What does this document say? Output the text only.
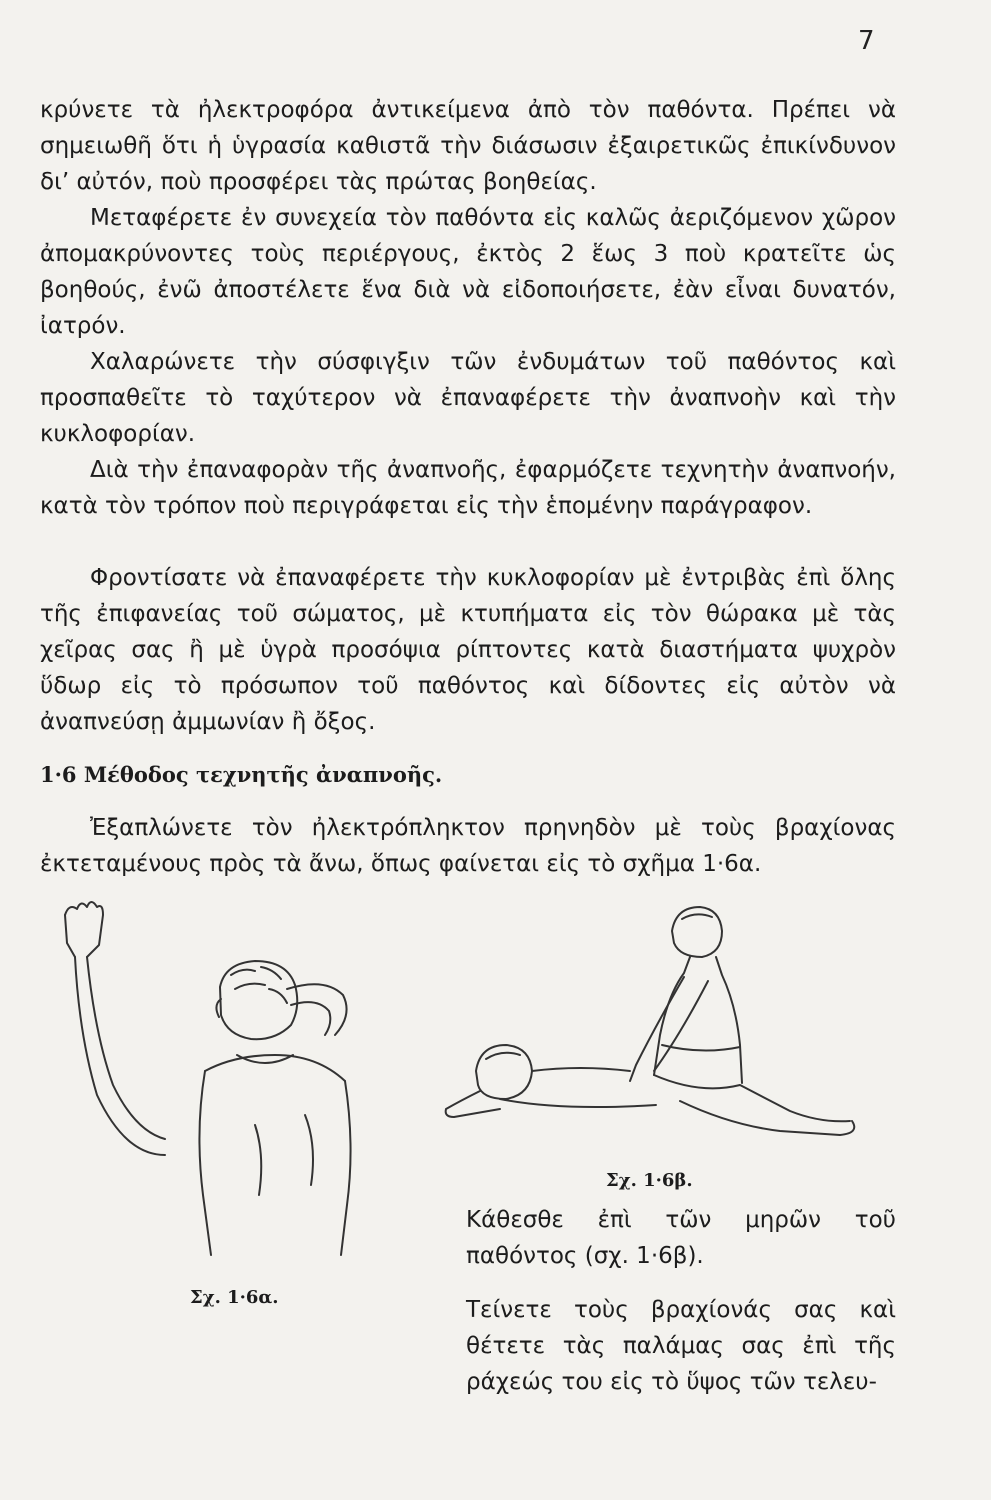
7

κρύνετε τὰ ἠλεκτροφόρα ἀντικείμενα ἀπὸ τὸν παθόντα. Πρέπει νὰ σημειωθῆ ὅτι ἡ ὑγρασία καθιστᾶ τὴν διάσωσιν ἐξαιρετικῶς ἐπικίνδυνον δι’ αὐτόν, ποὺ προσφέρει τὰς πρώτας βοηθείας.

Μεταφέρετε ἐν συνεχεία τὸν παθόντα εἰς καλῶς ἀεριζόμενον χῶρον ἀπομακρύνοντες τοὺς περιέργους, ἐκτὸς 2 ἕως 3 ποὺ κρατεῖτε ὡς βοηθούς, ἐνῶ ἀποστέλετε ἕνα διὰ νὰ εἰδοποιήσετε, ἐὰν εἶναι δυνατόν, ἰατρόν.

Χαλαρώνετε τὴν σύσφιγξιν τῶν ἐνδυμάτων τοῦ παθόντος καὶ προσπαθεῖτε τὸ ταχύτερον νὰ ἐπαναφέρετε τὴν ἀναπνοὴν καὶ τὴν κυκλοφορίαν.

Διὰ τὴν ἐπαναφορὰν τῆς ἀναπνοῆς, ἐφαρμόζετε τεχνητὴν ἀναπνοήν, κατὰ τὸν τρόπον ποὺ περιγράφεται εἰς τὴν ἑπομένην παράγραφον.

Φροντίσατε νὰ ἐπαναφέρετε τὴν κυκλοφορίαν μὲ ἐντριβὰς ἐπὶ ὅλης τῆς ἐπιφανείας τοῦ σώματος, μὲ κτυπήματα εἰς τὸν θώρακα μὲ τὰς χεῖρας σας ἢ μὲ ὑγρὰ προσόψια ρίπτοντες κατὰ διαστήματα ψυχρὸν ὕδωρ εἰς τὸ πρόσωπον τοῦ παθόντος καὶ δίδοντες εἰς αὐτὸν νὰ ἀναπνεύσῃ ἀμμωνίαν ἢ ὄξος.

1·6 Μέθοδος τεχνητῆς ἀναπνοῆς.

Ἐξαπλώνετε τὸν ἠλεκτρόπληκτον πρηνηδὸν μὲ τοὺς βραχίονας ἐκτεταμένους πρὸς τὰ ἄνω, ὅπως φαίνεται εἰς τὸ σχῆμα 1·6α.

Σχ. 1·6α.
Σχ. 1·6β.

Κάθεσθε ἐπὶ τῶν μηρῶν τοῦ παθόντος (σχ. 1·6β).

Τείνετε τοὺς βραχίονάς σας καὶ θέτετε τὰς παλάμας σας ἐπὶ τῆς ράχεώς του εἰς τὸ ὕψος τῶν τελευ-
